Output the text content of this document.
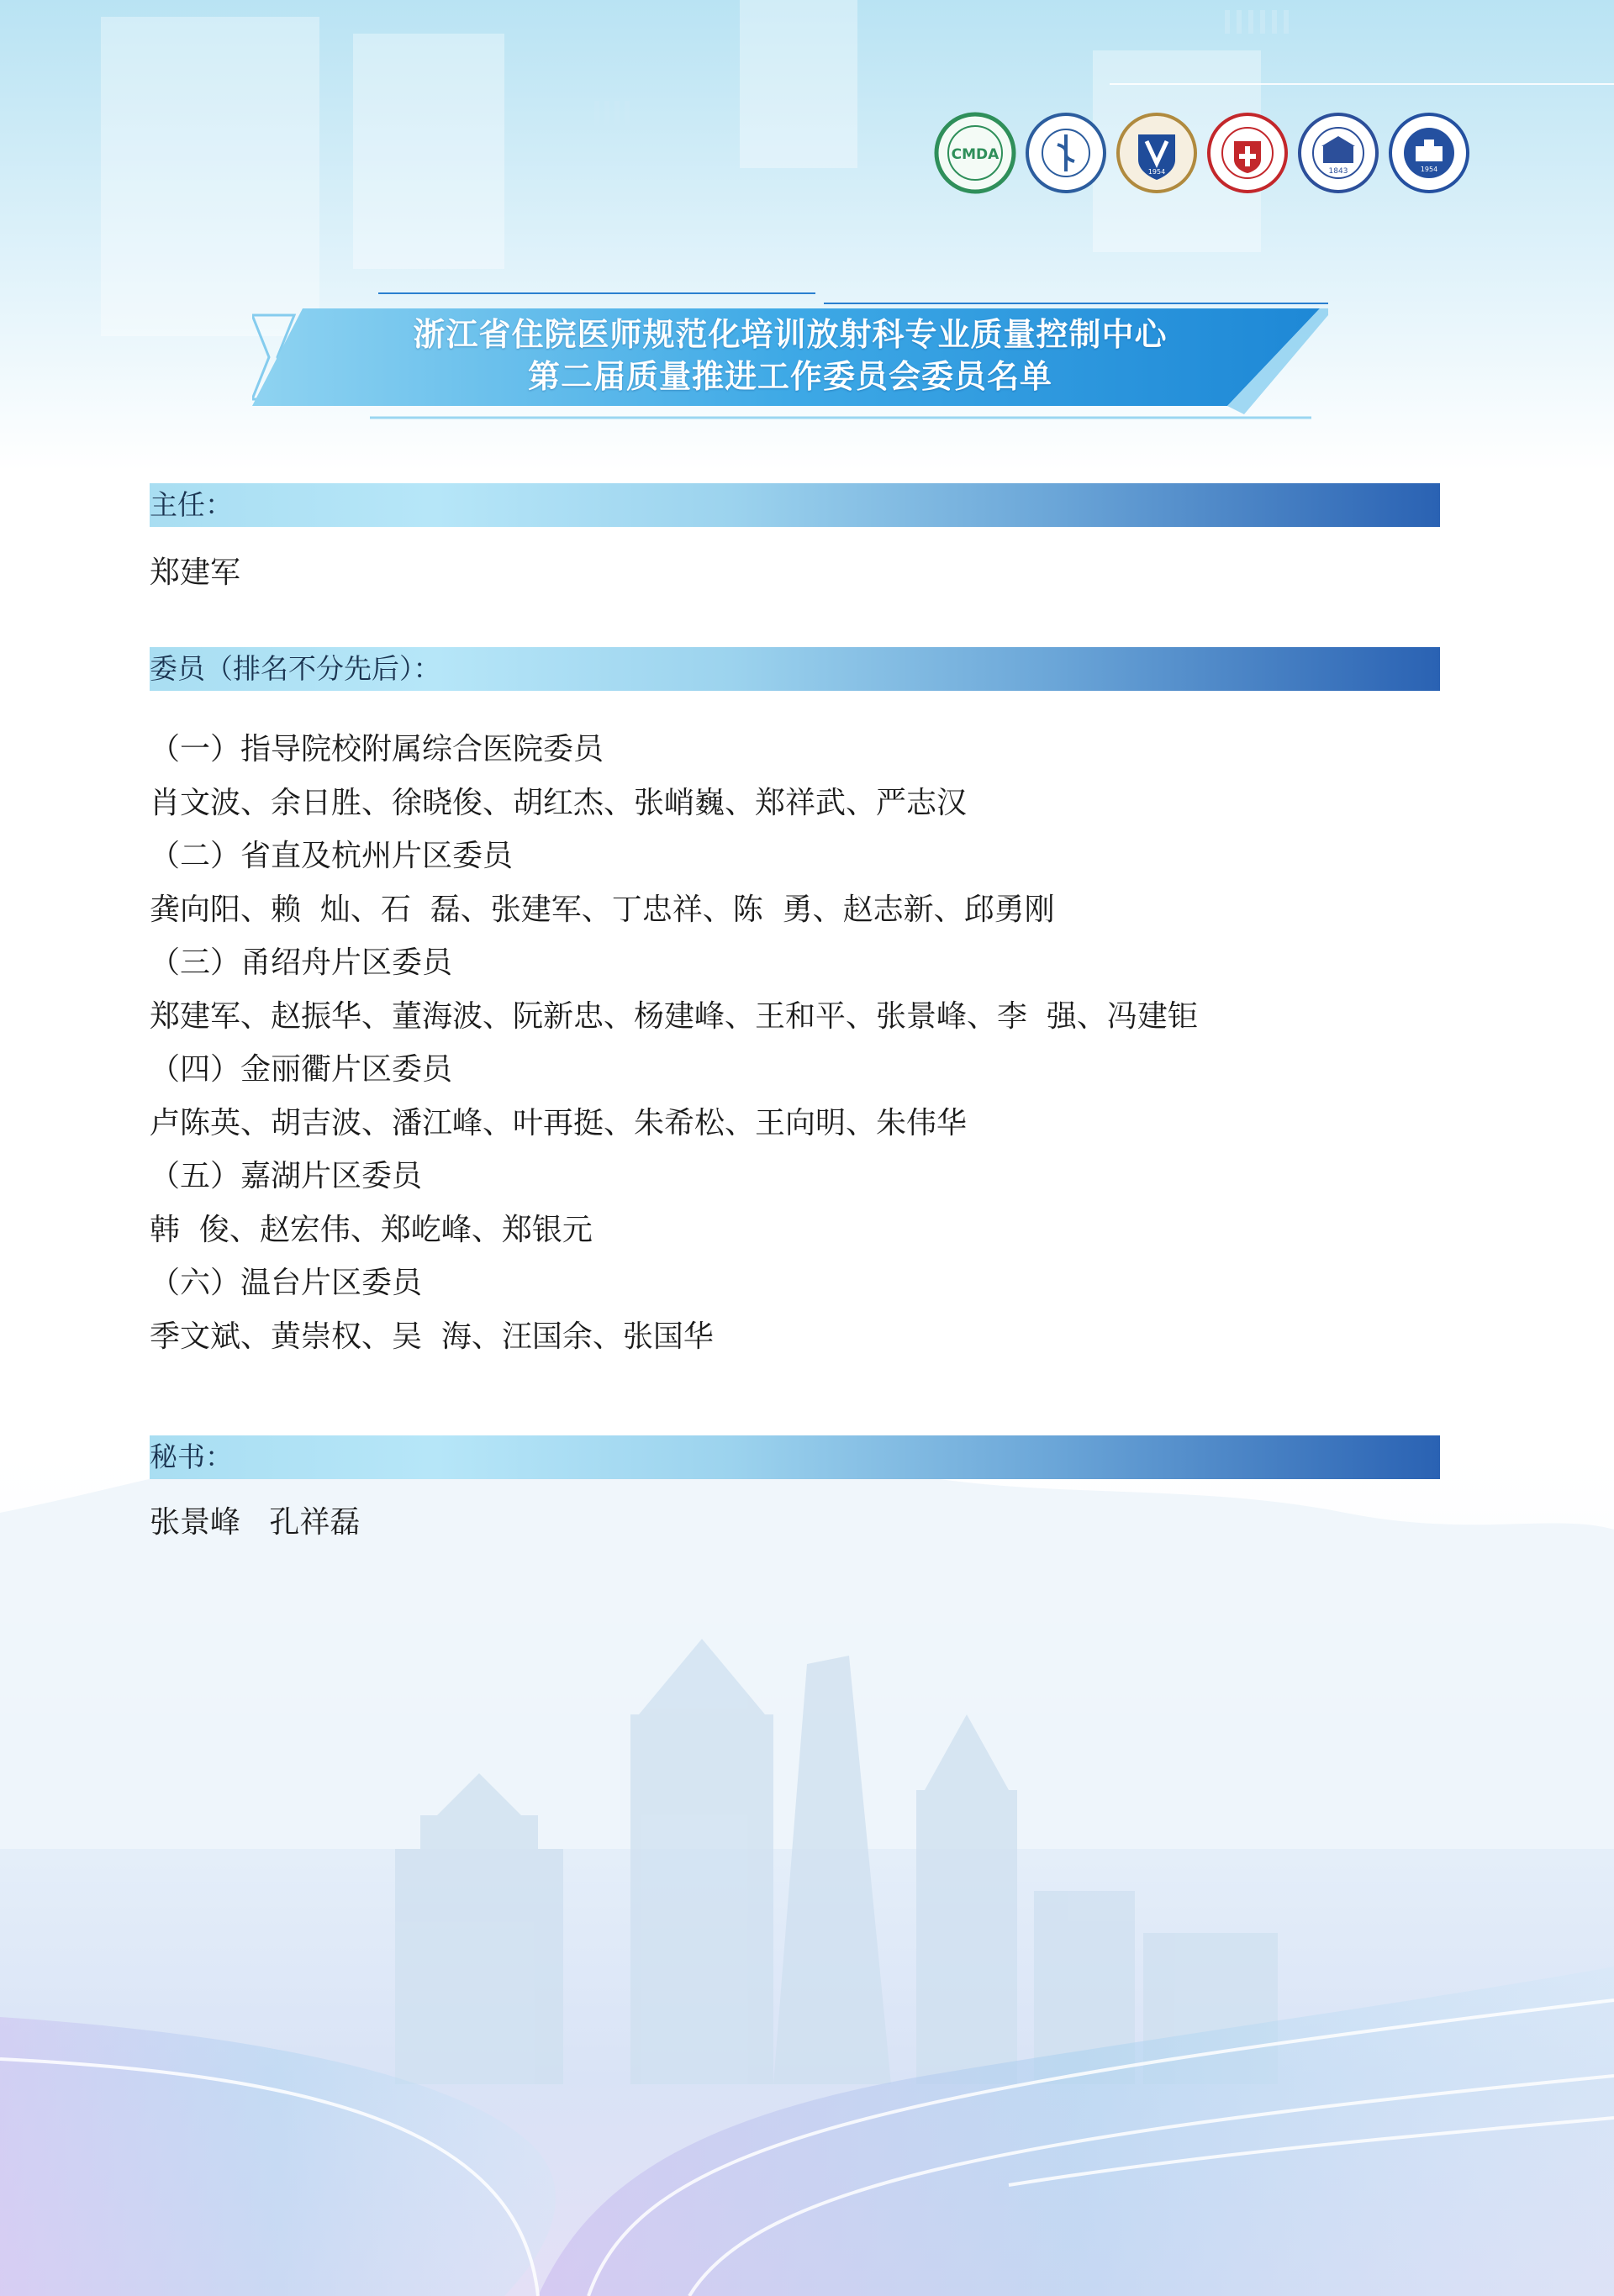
CMDA
1954	1843	1954
浙江省住院医师规范化培训放射科专业质量控制中心
第二届质量推进工作委员会委员名单
主任：
郑建军
委员（排名不分先后）：
（一）指导院校附属综合医院委员
肖文波、余日胜、徐晓俊、胡红杰、张峭巍、郑祥武、严志汉
（二）省直及杭州片区委员
龚向阳、赖  灿、石  磊、张建军、丁忠祥、陈  勇、赵志新、邱勇刚
（三）甬绍舟片区委员
郑建军、赵振华、董海波、阮新忠、杨建峰、王和平、张景峰、李  强、冯建钜
（四）金丽衢片区委员
卢陈英、胡吉波、潘江峰、叶再挺、朱希松、王向明、朱伟华
（五）嘉湖片区委员
韩  俊、赵宏伟、郑屹峰、郑银元
（六）温台片区委员
季文斌、黄崇权、吴  海、汪国余、张国华
秘书：
张景峰   孔祥磊
